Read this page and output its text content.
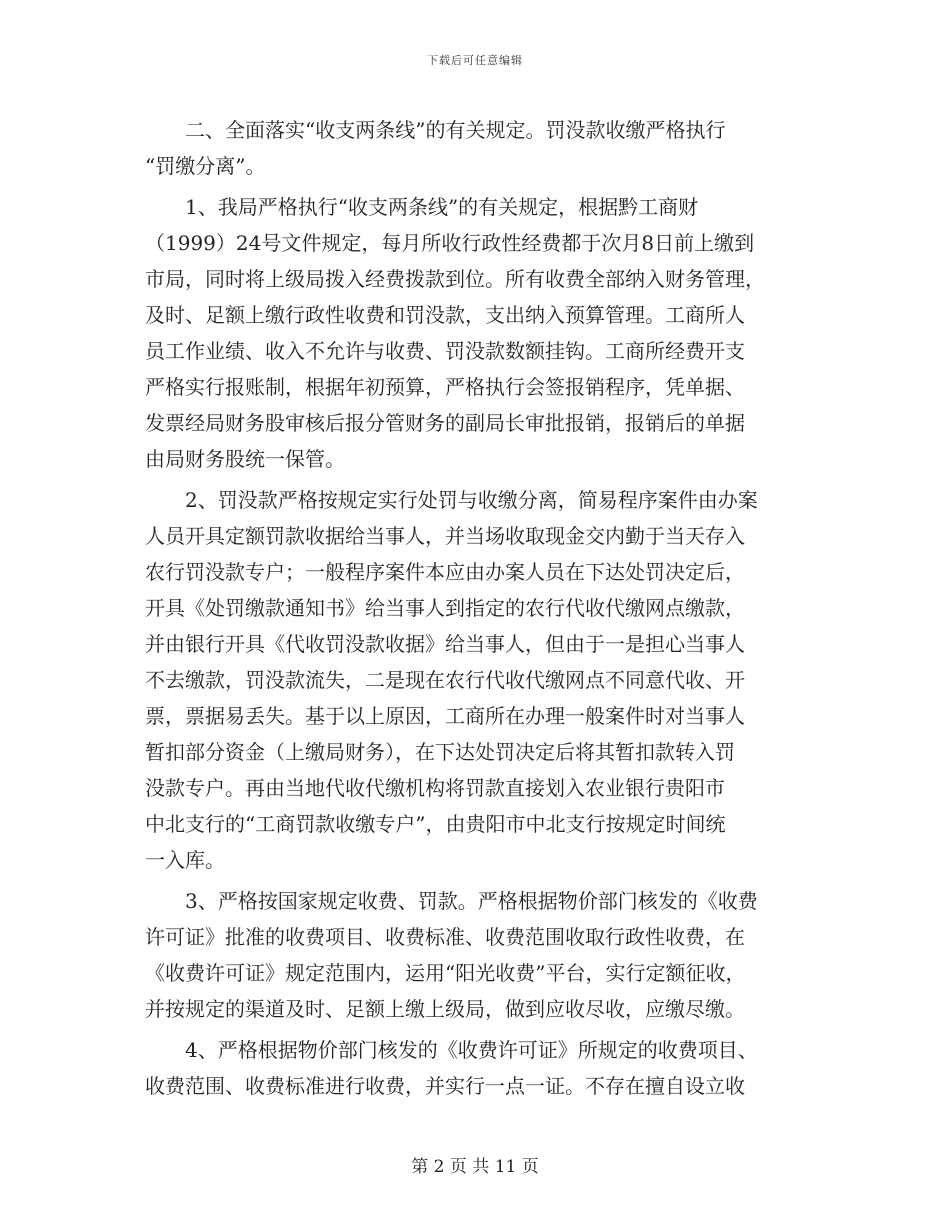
下载后可任意编辑
　　二、全面落实“收支两条线”的有关规定。罚没款收缴严格执行
“罚缴分离”。
　　1、我局严格执行“收支两条线”的有关规定，根据黔工商财
（1999）24号文件规定，每月所收行政性经费都于次月8日前上缴到
市局，同时将上级局拨入经费拨款到位。所有收费全部纳入财务管理，
及时、足额上缴行政性收费和罚没款，支出纳入预算管理。工商所人
员工作业绩、收入不允许与收费、罚没款数额挂钩。工商所经费开支
严格实行报账制，根据年初预算，严格执行会签报销程序，凭单据、
发票经局财务股审核后报分管财务的副局长审批报销，报销后的单据
由局财务股统一保管。
　　2、罚没款严格按规定实行处罚与收缴分离，简易程序案件由办案
人员开具定额罚款收据给当事人，并当场收取现金交内勤于当天存入
农行罚没款专户；一般程序案件本应由办案人员在下达处罚决定后，
开具《处罚缴款通知书》给当事人到指定的农行代收代缴网点缴款，
并由银行开具《代收罚没款收据》给当事人，但由于一是担心当事人
不去缴款，罚没款流失，二是现在农行代收代缴网点不同意代收、开
票，票据易丢失。基于以上原因，工商所在办理一般案件时对当事人
暂扣部分资金（上缴局财务），在下达处罚决定后将其暂扣款转入罚
没款专户。再由当地代收代缴机构将罚款直接划入农业银行贵阳市
中北支行的“工商罚款收缴专户”，由贵阳市中北支行按规定时间统
一入库。
　　3、严格按国家规定收费、罚款。严格根据物价部门核发的《收费
许可证》批准的收费项目、收费标准、收费范围收取行政性收费，在
《收费许可证》规定范围内，运用“阳光收费”平台，实行定额征收，
并按规定的渠道及时、足额上缴上级局，做到应收尽收，应缴尽缴。
　　4、严格根据物价部门核发的《收费许可证》所规定的收费项目、
收费范围、收费标准进行收费，并实行一点一证。不存在擅自设立收
第 2 页 共 11 页
